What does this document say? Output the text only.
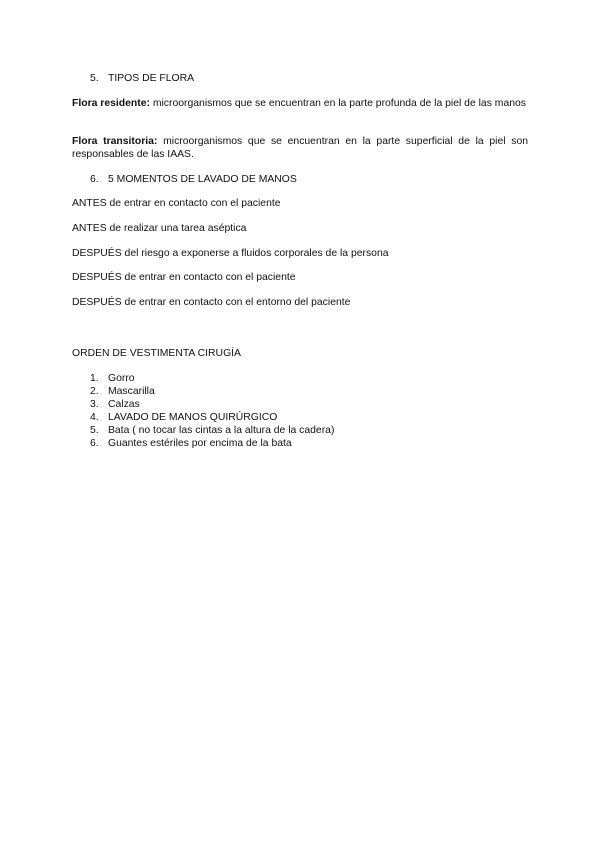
5. TIPOS DE FLORA
Flora residente: microorganismos que se encuentran en la parte profunda de la piel de las manos
Flora transitoria: microorganismos que se encuentran en la parte superficial de la piel son responsables de las IAAS.
6. 5 MOMENTOS DE LAVADO DE MANOS
ANTES de entrar en contacto con el paciente
ANTES de realizar una tarea aséptica
DESPUÉS del riesgo a exponerse a fluidos corporales de la persona
DESPUÉS de entrar en contacto con el paciente
DESPUÉS de entrar en contacto con el entorno del paciente
ORDEN DE VESTIMENTA CIRUGÍA
1. Gorro
2. Mascarilla
3. Calzas
4. LAVADO DE MANOS QUIRÚRGICO
5. Bata ( no tocar las cintas a la altura de la cadera)
6. Guantes estériles por encima de la bata
